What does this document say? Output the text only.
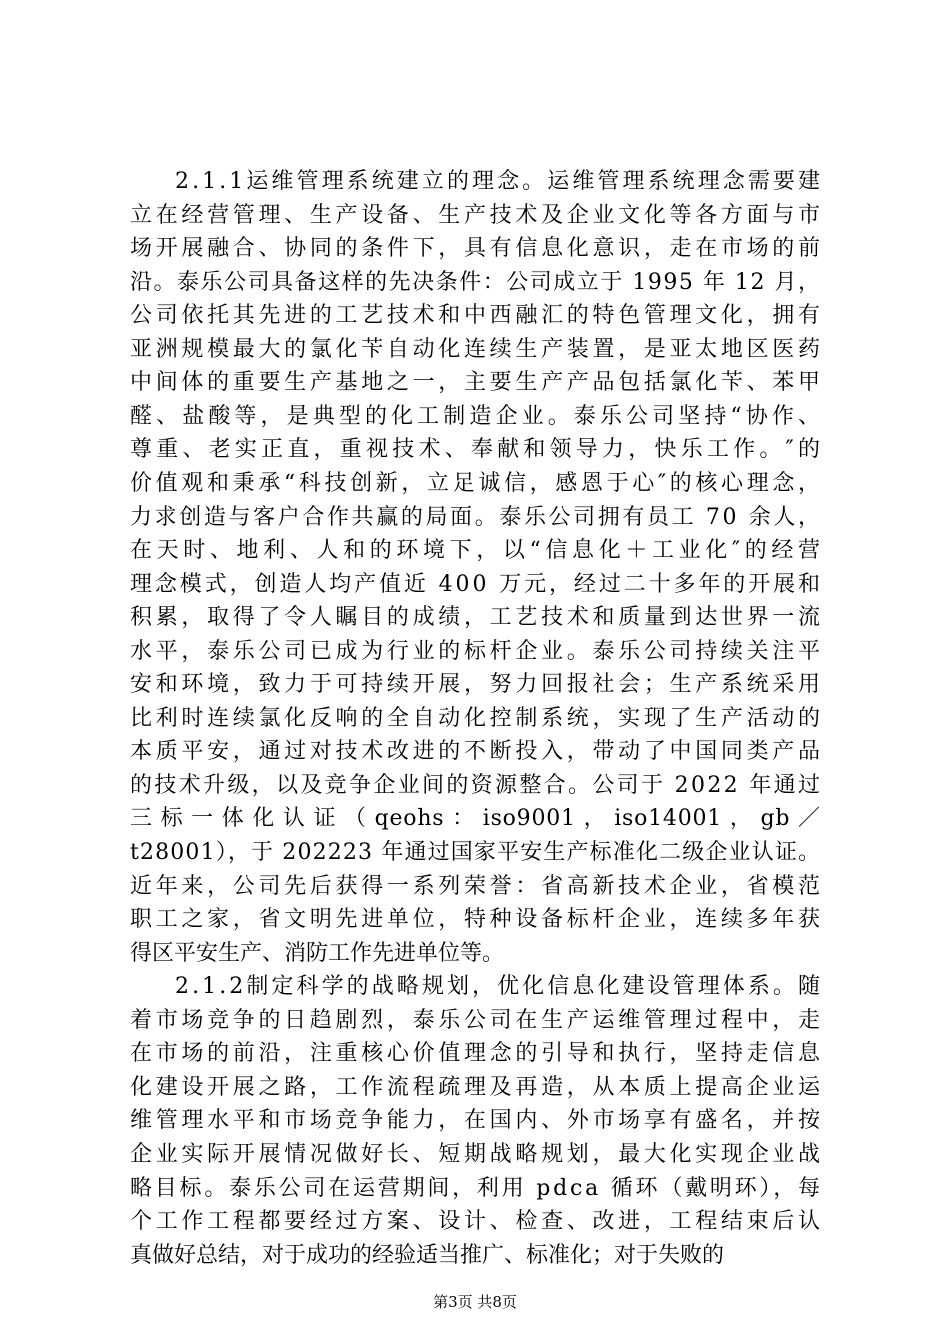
2.1.1运维管理系统建立的理念。运维管理系统理念需要建
立在经营管理、生产设备、生产技术及企业文化等各方面与市
场开展融合、协同的条件下，具有信息化意识，走在市场的前
沿。泰乐公司具备这样的先决条件：公司成立于 1995 年 12 月，
公司依托其先进的工艺技术和中西融汇的特色管理文化，拥有
亚洲规模最大的氯化苄自动化连续生产装置，是亚太地区医药
中间体的重要生产基地之一，主要生产产品包括氯化苄、苯甲
醛、盐酸等，是典型的化工制造企业。泰乐公司坚持“协作、
尊重、老实正直，重视技术、奉献和领导力，快乐工作。″的
价值观和秉承“科技创新，立足诚信，感恩于心″的核心理念，
力求创造与客户合作共赢的局面。泰乐公司拥有员工 70 余人，
在天时、地利、人和的环境下，以“信息化＋工业化″的经营
理念模式，创造人均产值近 400 万元，经过二十多年的开展和
积累，取得了令人瞩目的成绩，工艺技术和质量到达世界一流
水平，泰乐公司已成为行业的标杆企业。泰乐公司持续关注平
安和环境，致力于可持续开展，努力回报社会；生产系统采用
比利时连续氯化反响的全自动化控制系统，实现了生产活动的
本质平安，通过对技术改进的不断投入，带动了中国同类产品
的技术升级，以及竞争企业间的资源整合。公司于 2022 年通过
三 标 一 体 化 认 证 （ qeohs ： iso9001 ， iso14001 ， gb ／
t28001），于 202223 年通过国家平安生产标准化二级企业认证。
近年来，公司先后获得一系列荣誉：省高新技术企业，省模范
职工之家，省文明先进单位，特种设备标杆企业，连续多年获
得区平安生产、消防工作先进单位等。
2.1.2制定科学的战略规划，优化信息化建设管理体系。随
着市场竞争的日趋剧烈，泰乐公司在生产运维管理过程中，走
在市场的前沿，注重核心价值理念的引导和执行，坚持走信息
化建设开展之路，工作流程疏理及再造，从本质上提高企业运
维管理水平和市场竞争能力，在国内、外市场享有盛名，并按
企业实际开展情况做好长、短期战略规划，最大化实现企业战
略目标。泰乐公司在运营期间，利用 pdca 循环（戴明环），每
个工作工程都要经过方案、设计、检查、改进，工程结束后认
真做好总结，对于成功的经验适当推广、标准化；对于失败的
第3页 共8页
